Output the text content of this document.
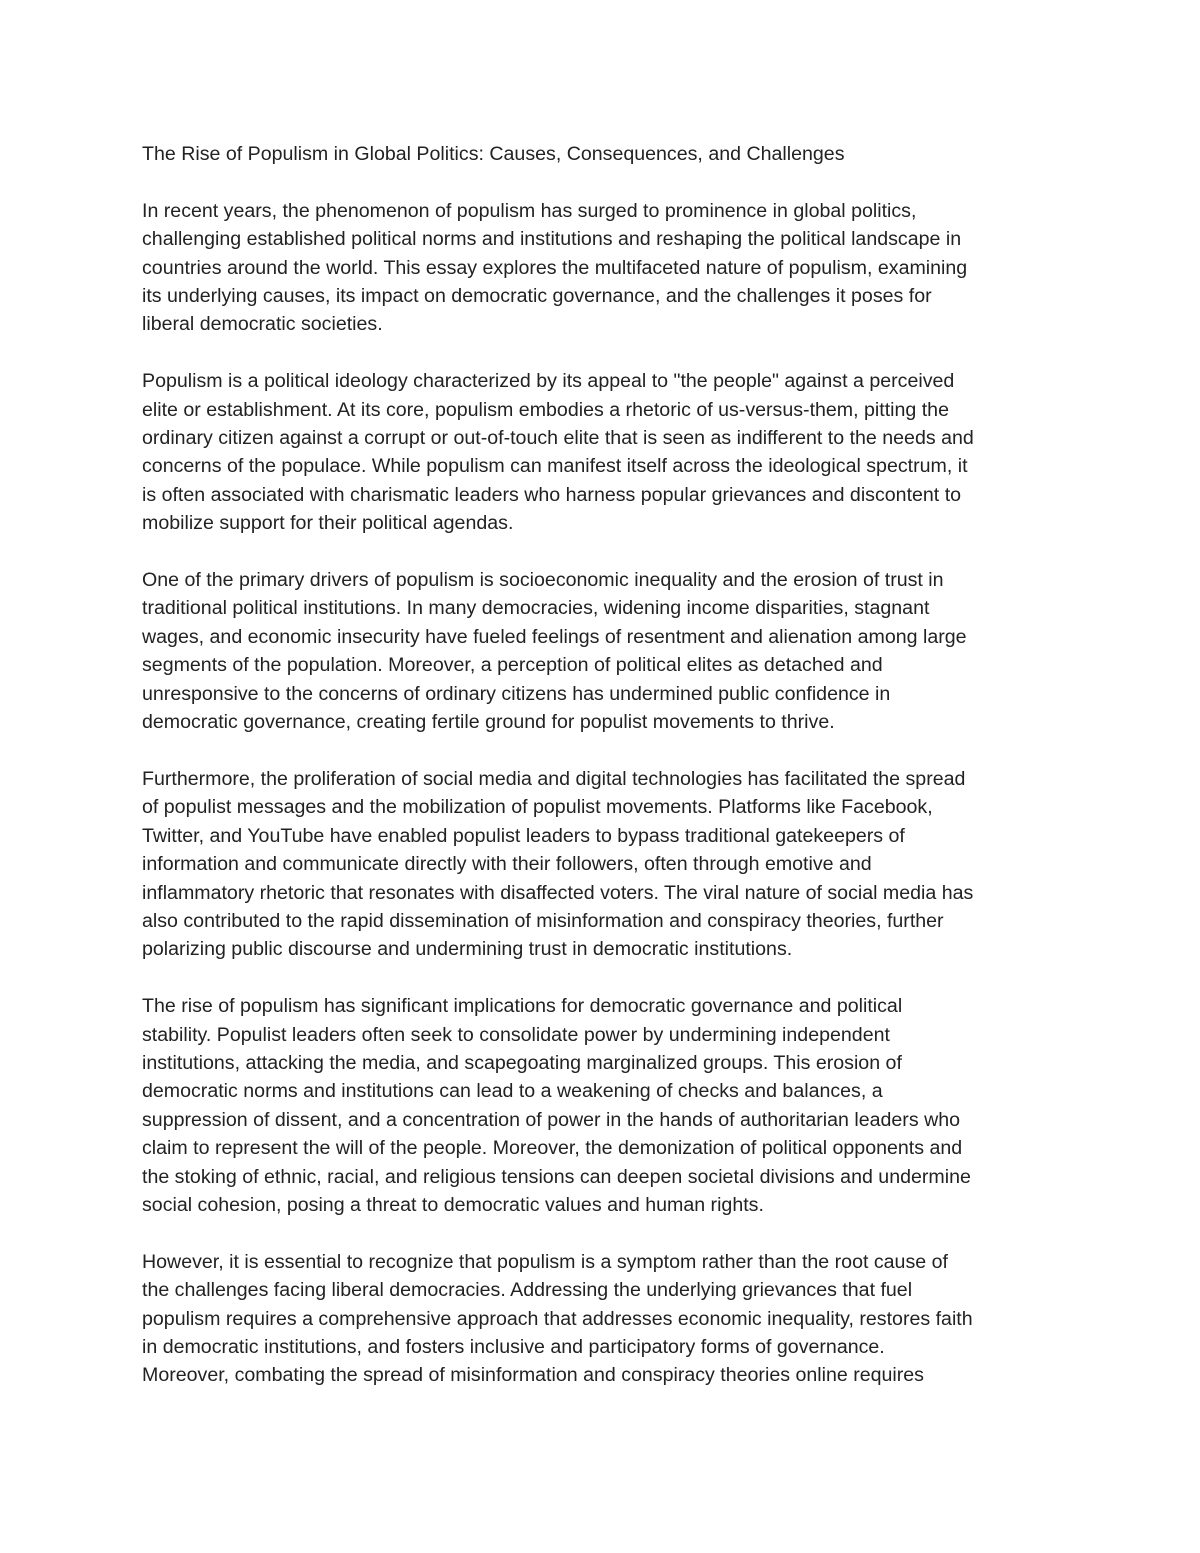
The Rise of Populism in Global Politics: Causes, Consequences, and Challenges
In recent years, the phenomenon of populism has surged to prominence in global politics,
challenging established political norms and institutions and reshaping the political landscape in
countries around the world. This essay explores the multifaceted nature of populism, examining
its underlying causes, its impact on democratic governance, and the challenges it poses for
liberal democratic societies.
Populism is a political ideology characterized by its appeal to "the people" against a perceived
elite or establishment. At its core, populism embodies a rhetoric of us-versus-them, pitting the
ordinary citizen against a corrupt or out-of-touch elite that is seen as indifferent to the needs and
concerns of the populace. While populism can manifest itself across the ideological spectrum, it
is often associated with charismatic leaders who harness popular grievances and discontent to
mobilize support for their political agendas.
One of the primary drivers of populism is socioeconomic inequality and the erosion of trust in
traditional political institutions. In many democracies, widening income disparities, stagnant
wages, and economic insecurity have fueled feelings of resentment and alienation among large
segments of the population. Moreover, a perception of political elites as detached and
unresponsive to the concerns of ordinary citizens has undermined public confidence in
democratic governance, creating fertile ground for populist movements to thrive.
Furthermore, the proliferation of social media and digital technologies has facilitated the spread
of populist messages and the mobilization of populist movements. Platforms like Facebook,
Twitter, and YouTube have enabled populist leaders to bypass traditional gatekeepers of
information and communicate directly with their followers, often through emotive and
inflammatory rhetoric that resonates with disaffected voters. The viral nature of social media has
also contributed to the rapid dissemination of misinformation and conspiracy theories, further
polarizing public discourse and undermining trust in democratic institutions.
The rise of populism has significant implications for democratic governance and political
stability. Populist leaders often seek to consolidate power by undermining independent
institutions, attacking the media, and scapegoating marginalized groups. This erosion of
democratic norms and institutions can lead to a weakening of checks and balances, a
suppression of dissent, and a concentration of power in the hands of authoritarian leaders who
claim to represent the will of the people. Moreover, the demonization of political opponents and
the stoking of ethnic, racial, and religious tensions can deepen societal divisions and undermine
social cohesion, posing a threat to democratic values and human rights.
However, it is essential to recognize that populism is a symptom rather than the root cause of
the challenges facing liberal democracies. Addressing the underlying grievances that fuel
populism requires a comprehensive approach that addresses economic inequality, restores faith
in democratic institutions, and fosters inclusive and participatory forms of governance.
Moreover, combating the spread of misinformation and conspiracy theories online requires
